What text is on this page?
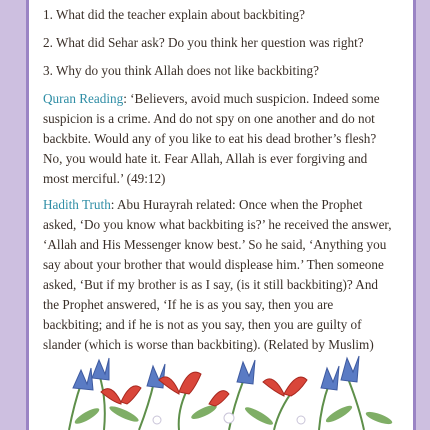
1. What did the teacher explain about backbiting?

2. What did Sehar ask? Do you think her question was right?

3. Why do you think Allah does not like backbiting?

Quran Reading: ‘Believers, avoid much suspicion. Indeed some suspicion is a crime. And do not spy on one another and do not backbite. Would any of you like to eat his dead brother’s flesh? No, you would hate it. Fear Allah, Allah is ever forgiving and most merciful.’ (49:12)

Hadith Truth: Abu Hurayrah related: Once when the Prophet asked, ‘Do you know what backbiting is?’ he received the answer, ‘Allah and His Messenger know best.’ So he said, ‘Anything you say about your brother that would displease him.’ Then someone asked, ‘But if my brother is as I say, (is it still backbiting)? And the Prophet answered, ‘If he is as you say, then you are backbiting; and if he is not as you say, then you are guilty of slander (which is worse than backbiting). (Related by Muslim)
